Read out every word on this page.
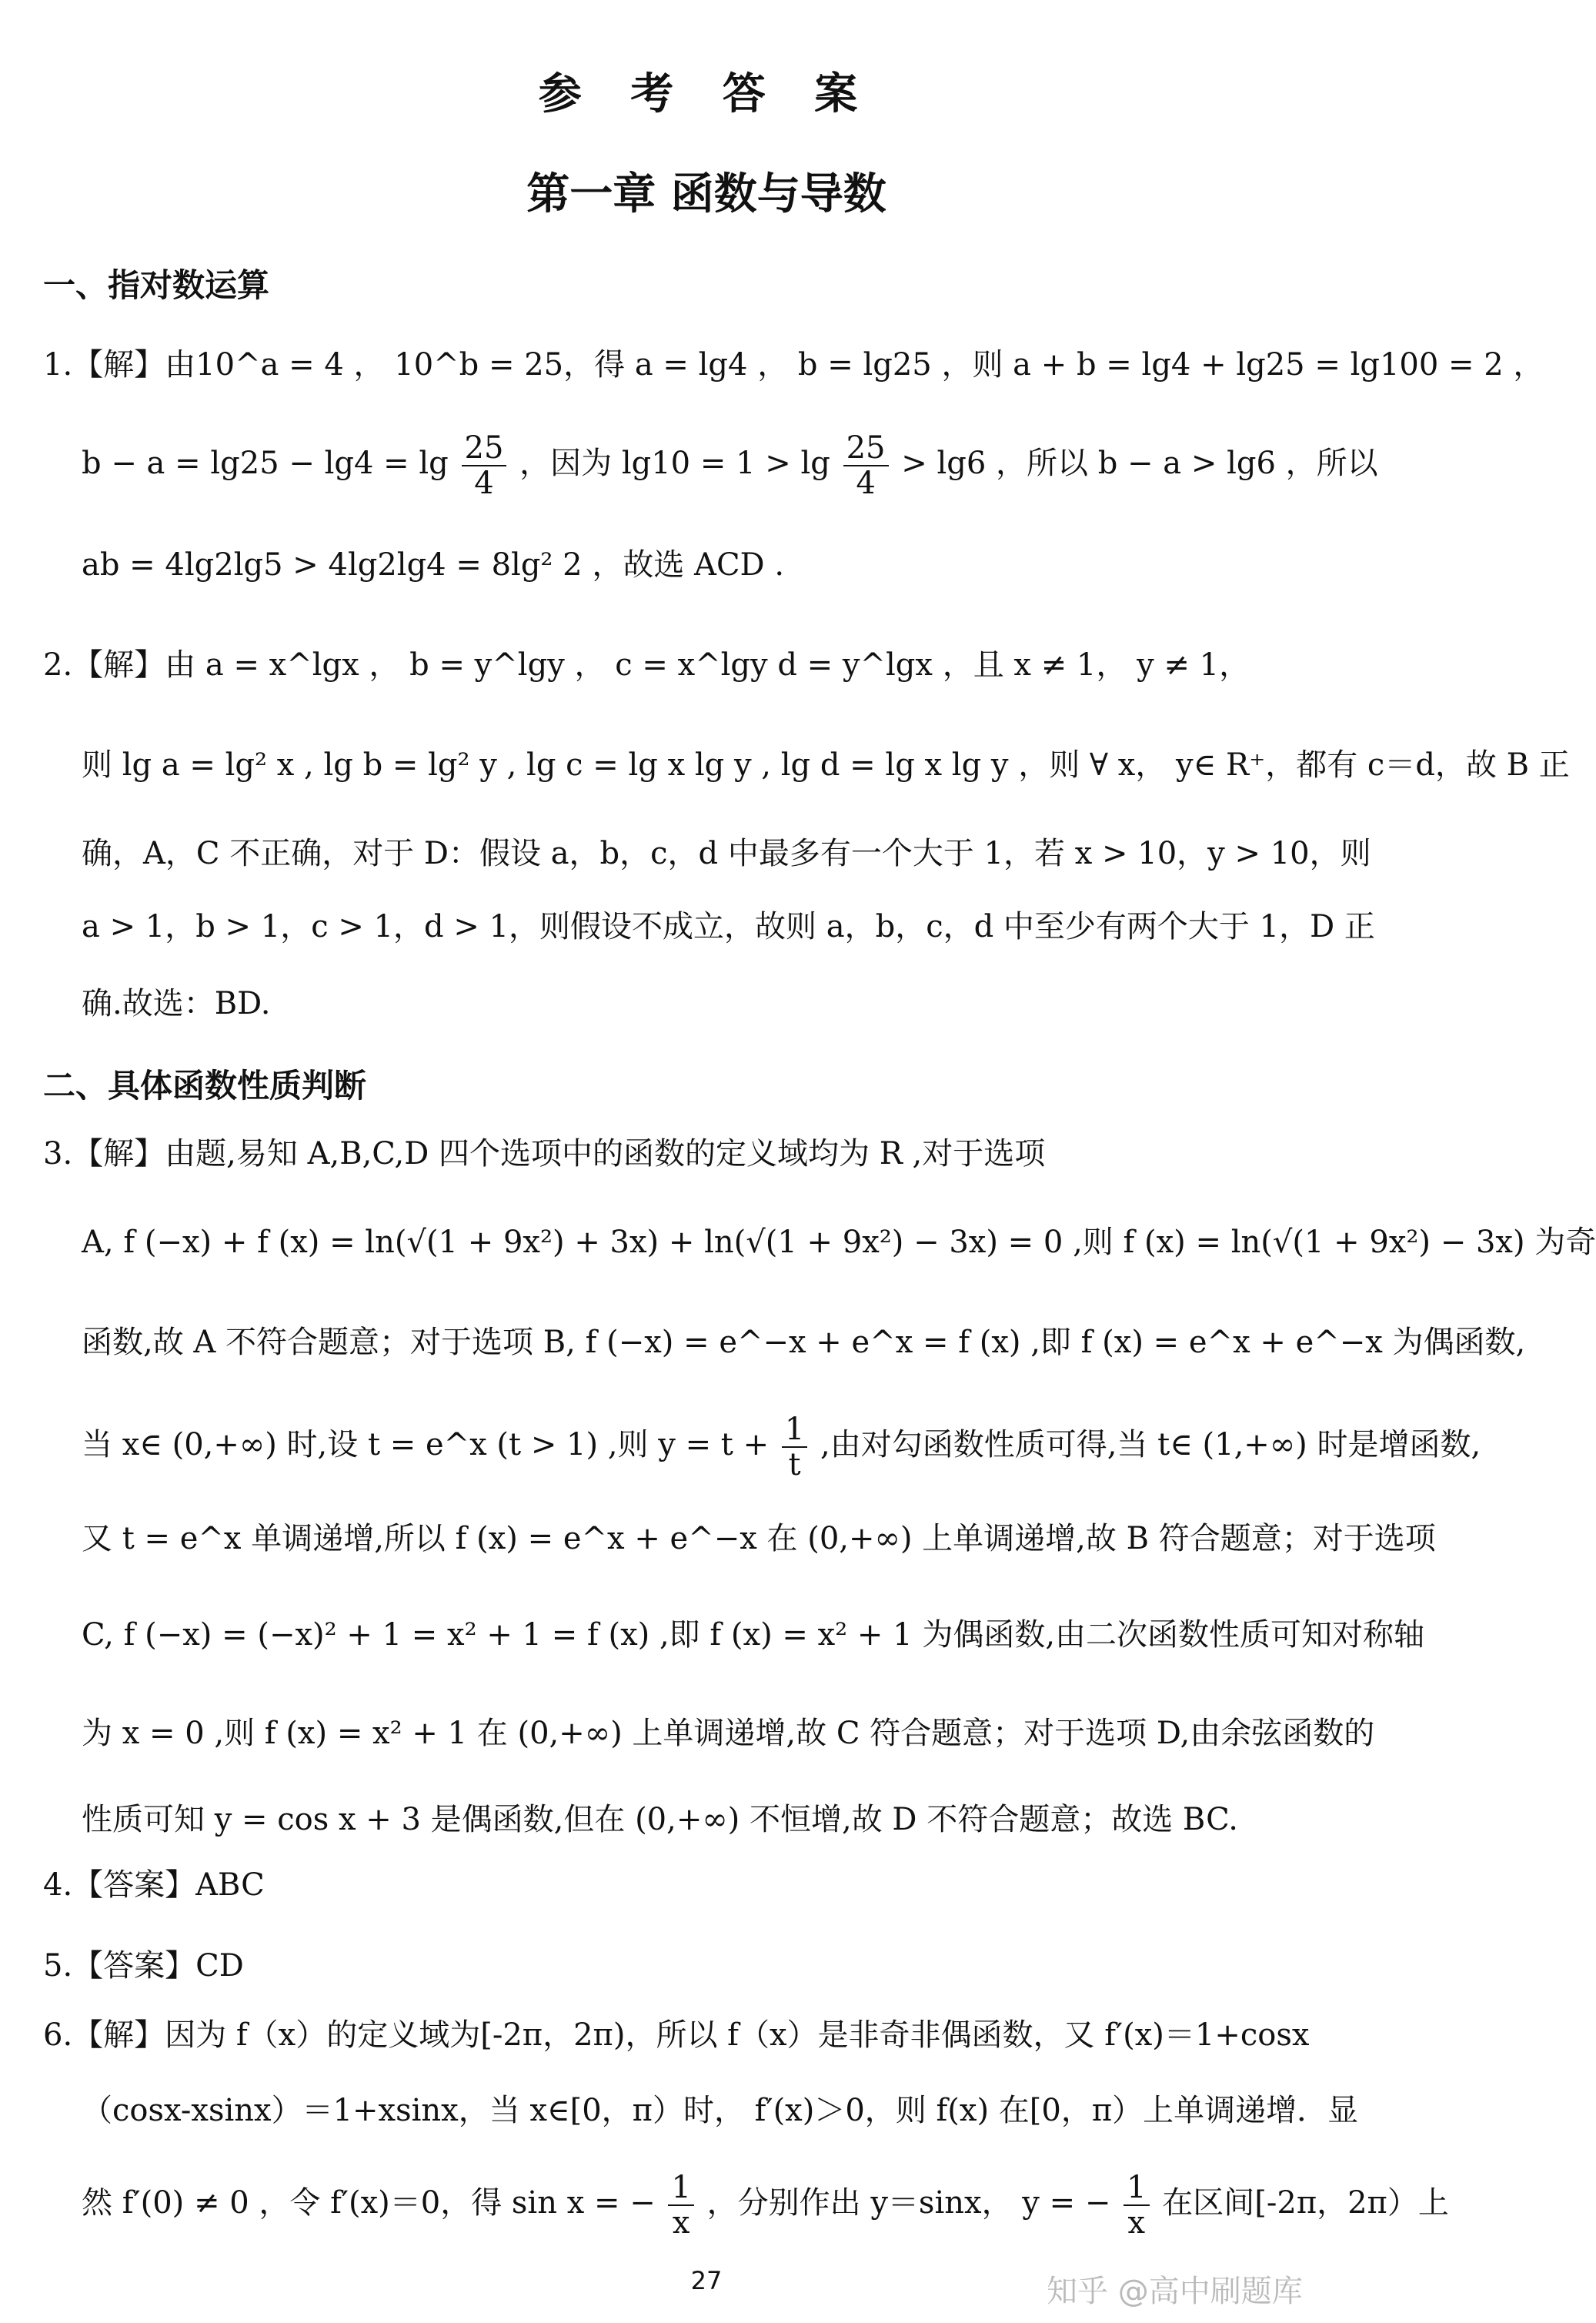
参 考 答 案
第一章 函数与导数
一、指对数运算
1.【解】由10^a = 4 ， 10^b = 25，得 a = lg4 ， b = lg25 ，则 a + b = lg4 + lg25 = lg100 = 2 ，
$b - a = \lg 25 - \lg 4 = \lg \frac{25}{4}$ ，因为 $\lg 10 = 1 > \lg \frac{25}{4} > \lg 6$ ，所以 b − a > lg6 ，所以
ab = 4lg2lg5 > 4lg2lg4 = 8lg² 2 ，故选 ACD .
2.【解】由 a = x^lgx ， b = y^lgy ， c = x^lgy d = y^lgx ，且 x ≠ 1， y ≠ 1，
则 lg a = lg² x , lg b = lg² y , lg c = lg x lg y , lg d = lg x lg y ，则 ∀ x， y∈ R⁺，都有 c＝d，故 B 正
确，A，C 不正确，对于 D：假设 a，b，c，d 中最多有一个大于 1，若 x > 10，y > 10，则
a > 1，b > 1，c > 1，d > 1，则假设不成立，故则 a，b，c，d 中至少有两个大于 1，D 正
确.故选：BD.
二、具体函数性质判断
3.【解】由题,易知 A,B,C,D 四个选项中的函数的定义域均为 R ,对于选项
A, f (−x) + f (x) = ln(√(1 + 9x²) + 3x) + ln(√(1 + 9x²) − 3x) = 0 ,则 f (x) = ln(√(1 + 9x²) − 3x) 为奇
函数,故 A 不符合题意；对于选项 B, f (−x) = e^−x + e^x = f (x) ,即 f (x) = e^x + e^−x 为偶函数,
当 x∈ (0,+∞) 时,设 t = e^x (t > 1) ,则 $y = t + \frac{1}{t}$ ,由对勾函数性质可得,当 t∈ (1,+∞) 时是增函数,
又 t = e^x 单调递增,所以 f (x) = e^x + e^−x 在 (0,+∞) 上单调递增,故 B 符合题意；对于选项
C, f (−x) = (−x)² + 1 = x² + 1 = f (x) ,即 f (x) = x² + 1 为偶函数,由二次函数性质可知对称轴
为 x = 0 ,则 f (x) = x² + 1 在 (0,+∞) 上单调递增,故 C 符合题意；对于选项 D,由余弦函数的
性质可知 y = cos x + 3 是偶函数,但在 (0,+∞) 不恒增,故 D 不符合题意；故选 BC.
4.【答案】ABC
5.【答案】CD
6.【解】因为 f（x）的定义域为[-2π，2π)，所以 f（x）是非奇非偶函数，又 f′(x)＝1+cosx
（cosx-xsinx）＝1+xsinx，当 x∈[0，π）时， f′(x)＞0，则 f(x) 在[0，π）上单调递增．显
然 f′(0) ≠ 0 ，令 f′(x)＝0，得 sin x = − $\frac{1}{x}$ ，分别作出 y＝sinx， y = − $\frac{1}{x}$ 在区间[-2π，2π）上
27	知乎 @高中刷题库
